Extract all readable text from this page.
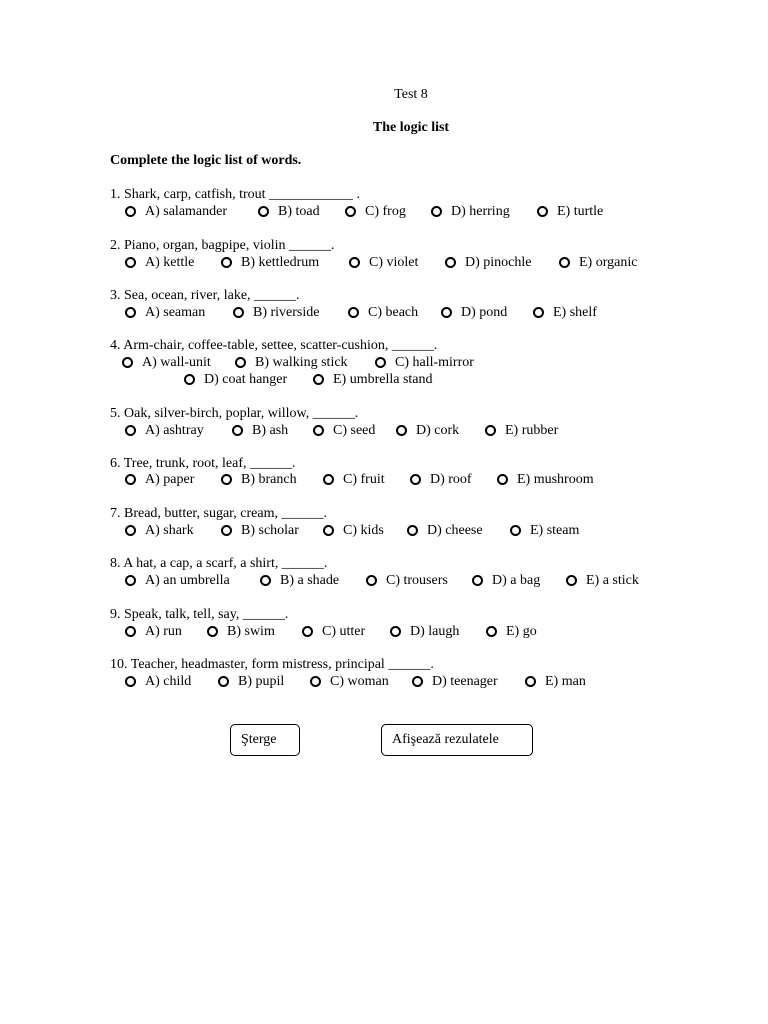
Test 8
The logic list
Complete the logic list of words.
1. Shark, carp, catfish, trout ____________ .
A) salamander	B) toad	C) frog	D) herring	E) turtle
2. Piano, organ, bagpipe, violin ______.
A) kettle	B) kettledrum	C) violet	D) pinochle	E) organic
3. Sea, ocean, river, lake, ______.
A) seaman	B) riverside	C) beach	D) pond	E) shelf
4. Arm-chair, coffee-table, settee, scatter-cushion, ______.
A) wall-unit	B) walking stick	C) hall-mirror
D) coat hanger	E) umbrella stand
5. Oak, silver-birch, poplar, willow, ______.
A) ashtray	B) ash	C) seed	D) cork	E) rubber
6. Tree, trunk, root, leaf, ______.
A) paper	B) branch	C) fruit	D) roof	E) mushroom
7. Bread, butter, sugar, cream, ______.
A) shark	B) scholar	C) kids	D) cheese	E) steam
8. A hat, a cap, a scarf, a shirt, ______.
A) an umbrella	B) a shade	C) trousers	D) a bag	E) a stick
9. Speak, talk, tell, say, ______.
A) run	B) swim	C) utter	D) laugh	E) go
10. Teacher, headmaster, form mistress, principal ______.
A) child	B) pupil	C) woman	D) teenager	E) man
Şterge	Afişează rezulatele
